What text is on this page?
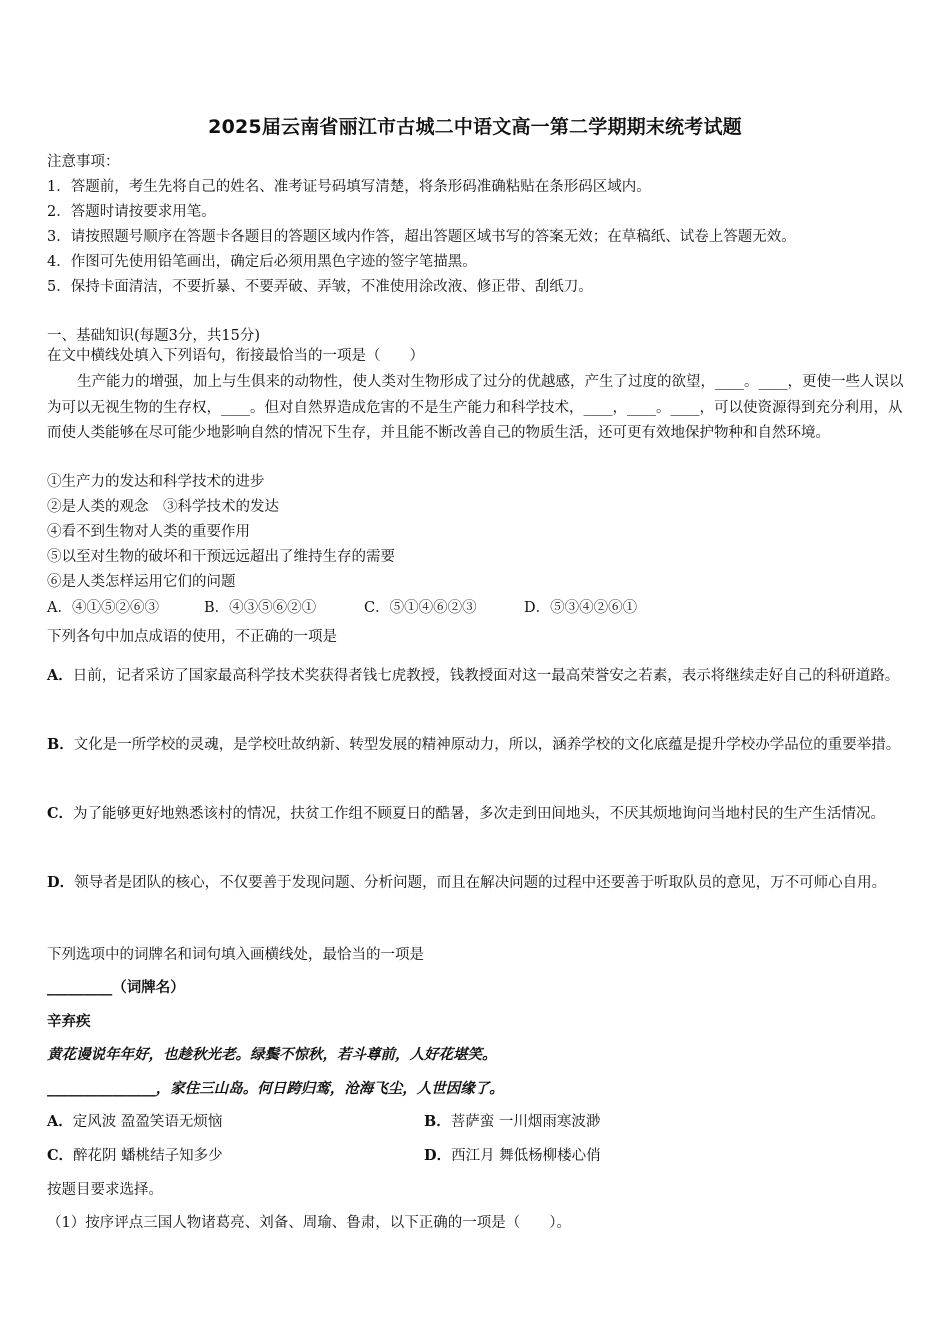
2025届云南省丽江市古城二中语文高一第二学期期末统考试题
注意事项：
1．答题前，考生先将自己的姓名、准考证号码填写清楚，将条形码准确粘贴在条形码区域内。
2．答题时请按要求用笔。
3．请按照题号顺序在答题卡各题目的答题区域内作答，超出答题区域书写的答案无效；在草稿纸、试卷上答题无效。
4．作图可先使用铅笔画出，确定后必须用黑色字迹的签字笔描黑。
5．保持卡面清洁，不要折暴、不要弄破、弄皱，不准使用涂改液、修正带、刮纸刀。
一、基础知识(每题3分，共15分)
在文中横线处填入下列语句，衔接最恰当的一项是（　　）
生产能力的增强，加上与生俱来的动物性，使人类对生物形成了过分的优越感，产生了过度的欲望，____。____，更使一些人误以为可以无视生物的生存权，____。但对自然界造成危害的不是生产能力和科学技术，____，____。____，可以使资源得到充分利用，从而使人类能够在尽可能少地影响自然的情况下生存，并且能不断改善自己的物质生活，还可更有效地保护物种和自然环境。
①生产力的发达和科学技术的进步
②是人类的观念　③科学技术的发达
④看不到生物对人类的重要作用
⑤以至对生物的破坏和干预远远超出了维持生存的需要
⑥是人类怎样运用它们的问题
A．④①⑤②⑥③	B．④③⑤⑥②①	C．⑤①④⑥②③	D．⑤③④②⑥①
下列各句中加点成语的使用，不正确的一项是
A．日前，记者采访了国家最高科学技术奖获得者钱七虎教授，钱教授面对这一最高荣誉安之若素，表示将继续走好自己的科研道路。
B．文化是一所学校的灵魂，是学校吐故纳新、转型发展的精神原动力，所以，涵养学校的文化底蕴是提升学校办学品位的重要举措。
C．为了能够更好地熟悉该村的情况，扶贫工作组不顾夏日的酷暑，多次走到田间地头，不厌其烦地询问当地村民的生产生活情况。
D．领导者是团队的核心，不仅要善于发现问题、分析问题，而且在解决问题的过程中还要善于听取队员的意见，万不可师心自用。
下列选项中的词牌名和词句填入画横线处，最恰当的一项是
_________（词牌名）
辛弃疾
黄花谩说年年好，也趁秋光老。绿鬓不惊秋，若斗尊前，人好花堪笑。
_______________，家住三山岛。何日跨归鸾，沧海飞尘，人世因缘了。
A．定风波 盈盈笑语无烦恼	B．菩萨蛮 一川烟雨寒波渺
C．醉花阴 蟠桃结子知多少	D．西江月 舞低杨柳楼心俏
按题目要求选择。
（1）按序评点三国人物诸葛亮、刘备、周瑜、鲁肃，以下正确的一项是（　　）。
